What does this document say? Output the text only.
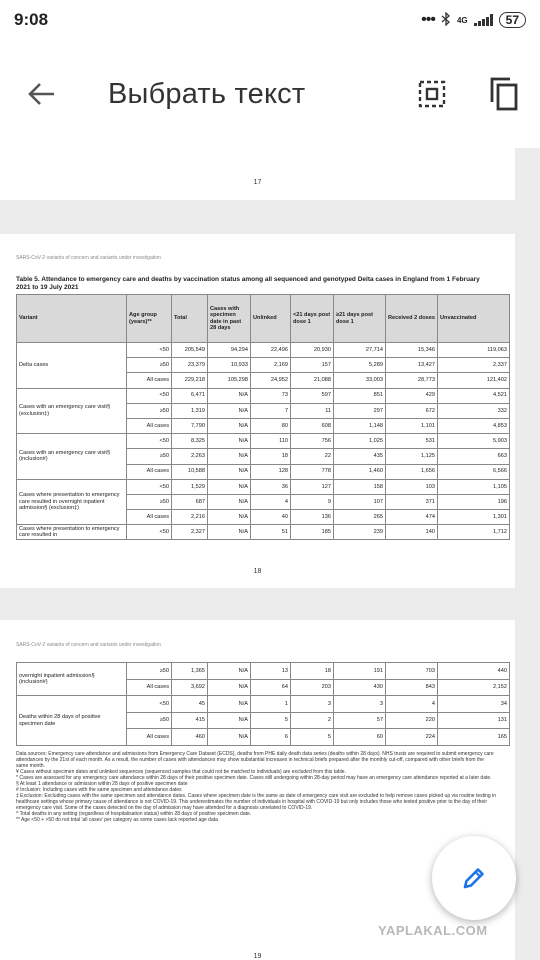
9:08	•••	4G	57
Выбрать текст
17
SARS-CoV-2 variants of concern and variants under investigation
Table 5. Attendance to emergency care and deaths by vaccination status among all sequenced and genotyped Delta cases in England from 1 February 2021 to 19 July 2021
Variant	Age group (years)**	Total	Cases with specimen date in past 28 days	Unlinked	<21 days post dose 1	≥21 days post dose 1	Received 2 doses	Unvaccinated
Delta cases	<50	205,549	94,294	22,496	20,930	27,714	15,346	119,063
	≥50	23,379	10,933	2,169	157	5,289	13,427	2,337
	All cases	229,218	105,298	24,952	21,088	33,003	28,773	121,402
Cases with an emergency care visit§ (exclusion‡)	<50	6,471	N/A	73	597	851	429	4,521
	≥50	1,319	N/A	7	11	297	672	332
	All cases	7,790	N/A	80	608	1,148	1,101	4,853
Cases with an emergency care visit§ (inclusion#)	<50	8,325	N/A	110	756	1,025	531	5,903
	≥50	2,263	N/A	18	22	435	1,125	663
	All cases	10,588	N/A	128	778	1,460	1,656	6,566
Cases where presentation to emergency care resulted in overnight inpatient admission§ (exclusion‡)	<50	1,529	N/A	36	127	158	103	1,105
	≥50	687	N/A	4	9	107	371	196
	All cases	2,216	N/A	40	136	265	474	1,301
Cases where presentation to emergency care resulted in	<50	2,327	N/A	51	185	239	140	1,712
18
SARS-CoV-2 variants of concern and variants under investigation
overnight inpatient admission§ (inclusion#)	≥50	1,365	N/A	13	18	191	703	440
	All cases	3,692	N/A	64	203	430	843	2,152
Deaths within 28 days of positive specimen date	<50	45	N/A	1	3	3	4	34
	≥50	415	N/A	5	2	57	220	131
	All cases	460	N/A	6	5	60	224	165
Data sources: Emergency care attendance and admissions from Emergency Care Dataset (ECDS), deaths from PHE daily death data series (deaths within 28 days). NHS trusts are required to submit emergency care attendances by the 21st of each month. As a result, the number of cases with attendances may show substantial increases in technical briefs prepared after the monthly cut-off, compared with other briefs from the same month.
¥ Cases without specimen dates and unlinked sequences (sequenced samples that could not be matched to individuals) are excluded from this table.
* Cases are assessed for any emergency care attendance within 28 days of their positive specimen date. Cases still undergoing within 28-day period may have an emergency care attendance reported at a later date.
§ At least 1 attendance or admission within 28 days of positive specimen date
# Inclusion: Including cases with the same specimen and attendance dates
‡ Exclusion: Excluding cases with the same specimen and attendance dates. Cases where specimen date is the same as date of emergency care visit are excluded to help remove cases picked up via routine testing in healthcare settings whose primary cause of attendance is not COVID-19. This underestimates the number of individuals in hospital with COVID-19 but only includes those who tested positive prior to the day of their emergency care visit. Some of the cases detected on the day of admission may have attended for a diagnosis unrelated to COVID-19.
^ Total deaths in any setting (regardless of hospitalisation status) within 28 days of positive specimen date.
** Age <50 + >50 do not total 'all cases' per category as some cases lack reported age data
19
YAPLAKAL.COM
